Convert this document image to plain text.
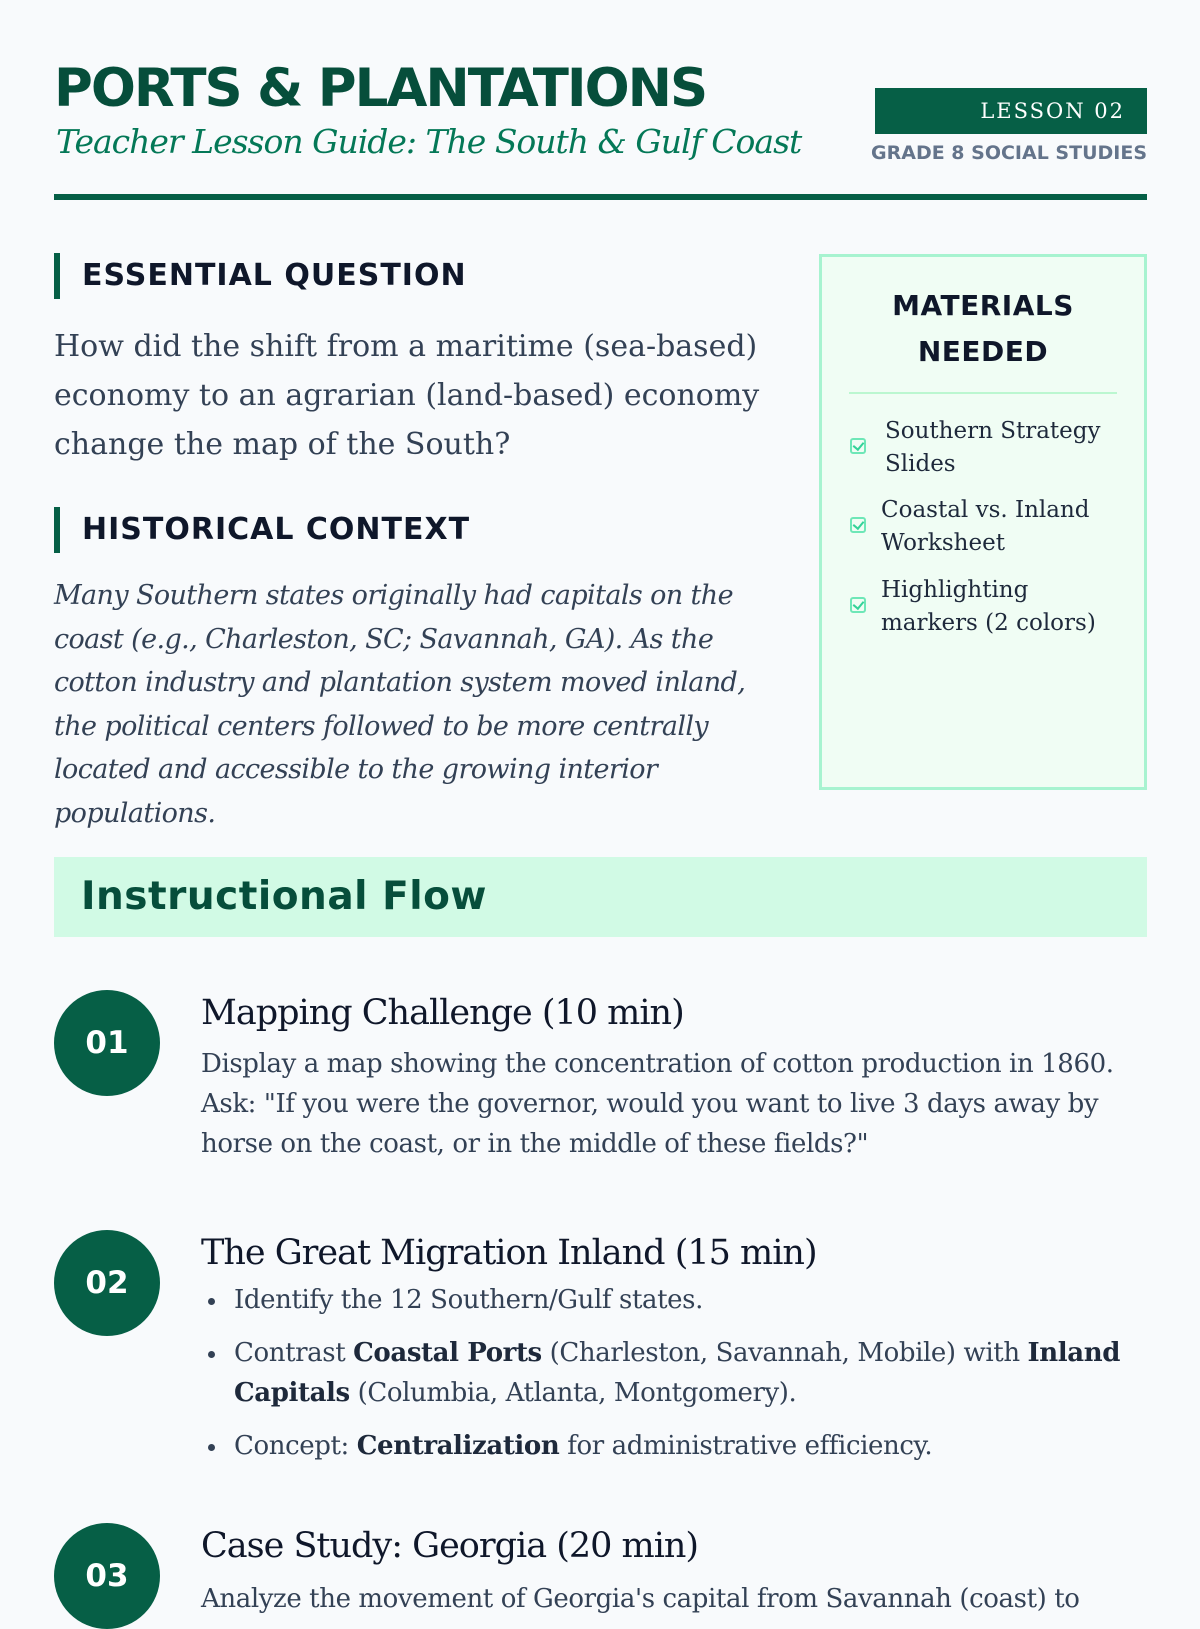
PORTS & PLANTATIONS
Teacher Lesson Guide: The South & Gulf Coast
LESSON 02
GRADE 8 SOCIAL STUDIES
ESSENTIAL QUESTION
How did the shift from a maritime (sea-based) economy to an agrarian (land-based) economy change the map of the South?
HISTORICAL CONTEXT
Many Southern states originally had capitals on the coast (e.g., Charleston, SC; Savannah, GA). As the cotton industry and plantation system moved inland, the political centers followed to be more centrally located and accessible to the growing interior populations.
MATERIALS NEEDED
Southern Strategy Slides
Coastal vs. Inland Worksheet
Highlighting markers (2 colors)
Instructional Flow
01
Mapping Challenge (10 min)
Display a map showing the concentration of cotton production in 1860. Ask: "If you were the governor, would you want to live 3 days away by horse on the coast, or in the middle of these fields?"
02
The Great Migration Inland (15 min)
Identify the 12 Southern/Gulf states.
Contrast Coastal Ports (Charleston, Savannah, Mobile) with Inland Capitals (Columbia, Atlanta, Montgomery).
Concept: Centralization for administrative efficiency.
03
Case Study: Georgia (20 min)
Analyze the movement of Georgia's capital from Savannah (coast) to
